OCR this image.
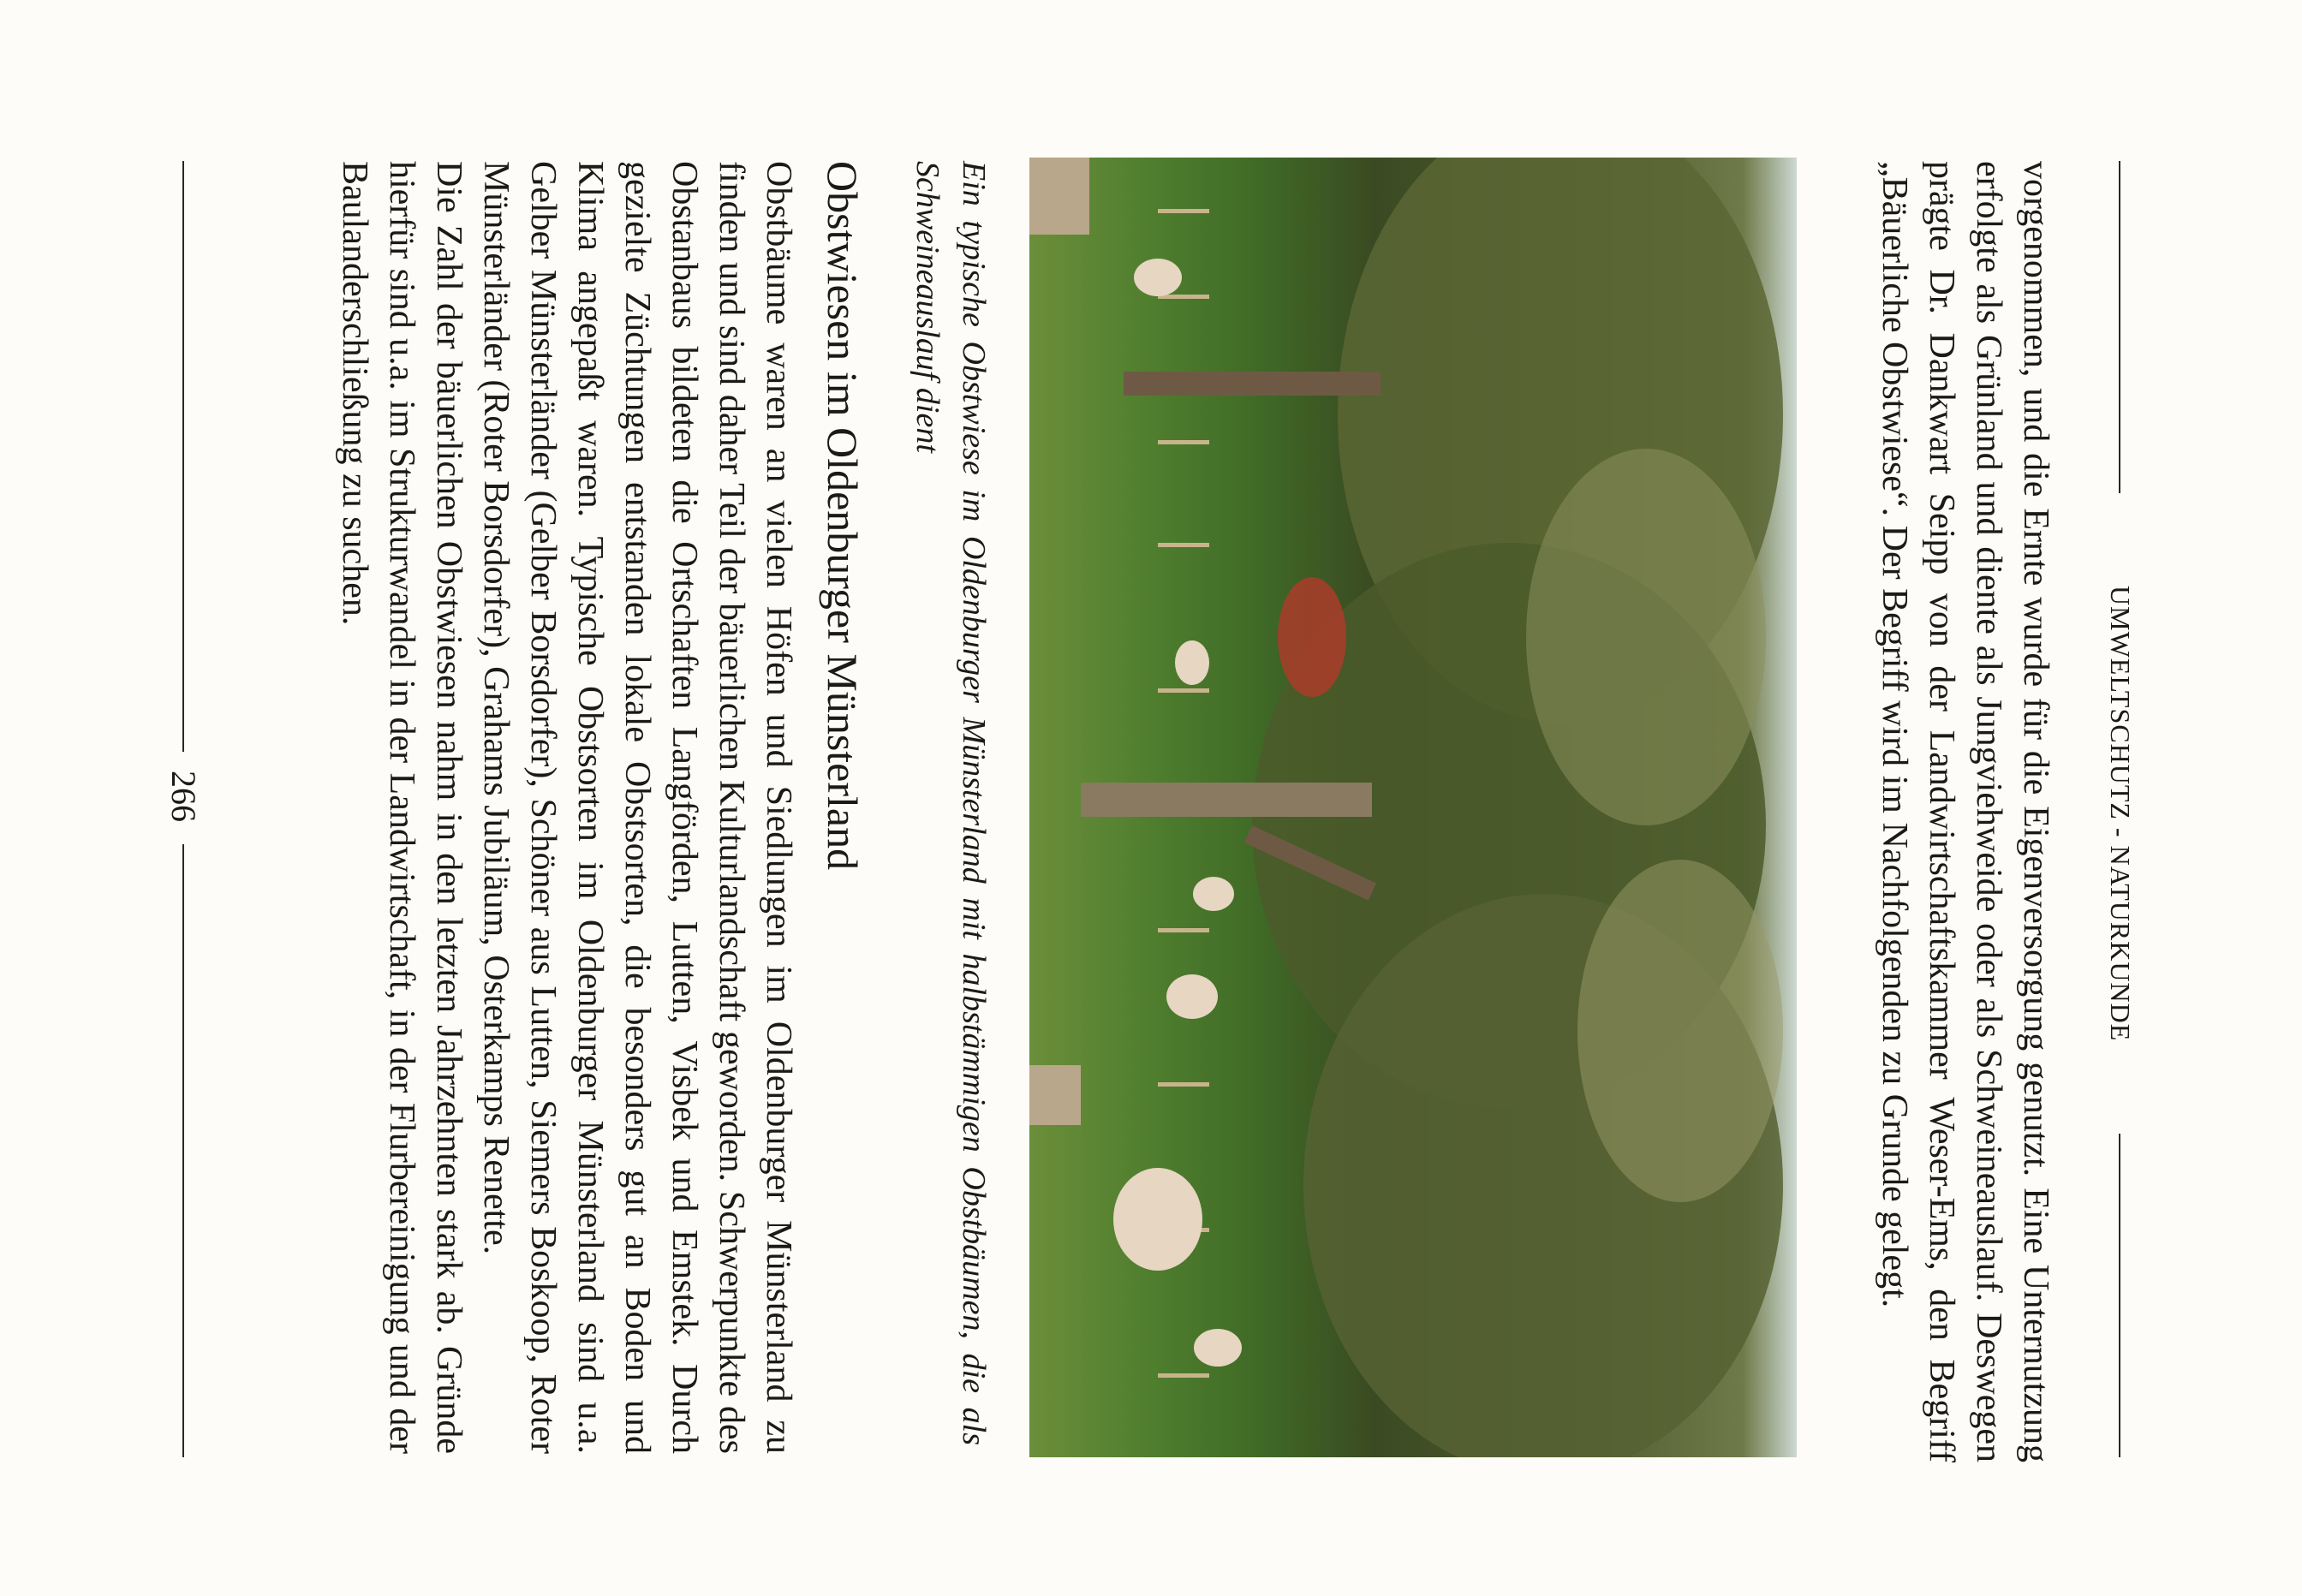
UMWELTSCHUTZ - NATURKUNDE
vorgenommen, und die Ernte wurde für die Eigenversorgung genutzt. Eine Unternutzung erfolgte als Grünland und diente als Jungviehweide oder als Schweineauslauf. Deswegen prägte Dr. Dankwart Seipp von der Landwirtschaftskammer Weser-Ems, den Begriff „Bäuerliche Obstwiese“. Der Begriff wird im Nachfolgenden zu Grunde gelegt.
Ein typische Obstwiese im Oldenburger Münsterland mit halbstämmigen Obstbäumen, die als Schweineauslauf dient
Obstwiesen im Oldenburger Münsterland

Obstbäume waren an vielen Höfen und Siedlungen im Oldenburger Münsterland zu finden und sind daher Teil der bäuerlichen Kulturlandschaft geworden. Schwerpunkte des Obstanbaus bildeten die Ortschaften Langförden, Lutten, Visbek und Emstek. Durch gezielte Züchtungen entstanden lokale Obstsorten, die besonders gut an Boden und Klima angepaßt waren. Typische Obstsorten im Oldenburger Münsterland sind u.a. Gelber Münsterländer (Gelber Borsdorfer), Schöner aus Lutten, Siemers Boskoop, Roter Münsterländer (Roter Borsdorfer), Grahams Jubiläum, Osterkamps Renette.

Die Zahl der bäuerlichen Obstwiesen nahm in den letzten Jahrzehnten stark ab. Gründe hierfür sind u.a. im Strukturwandel in der Landwirtschaft, in der Flurbereinigung und der Baulanderschließung zu suchen.

266
